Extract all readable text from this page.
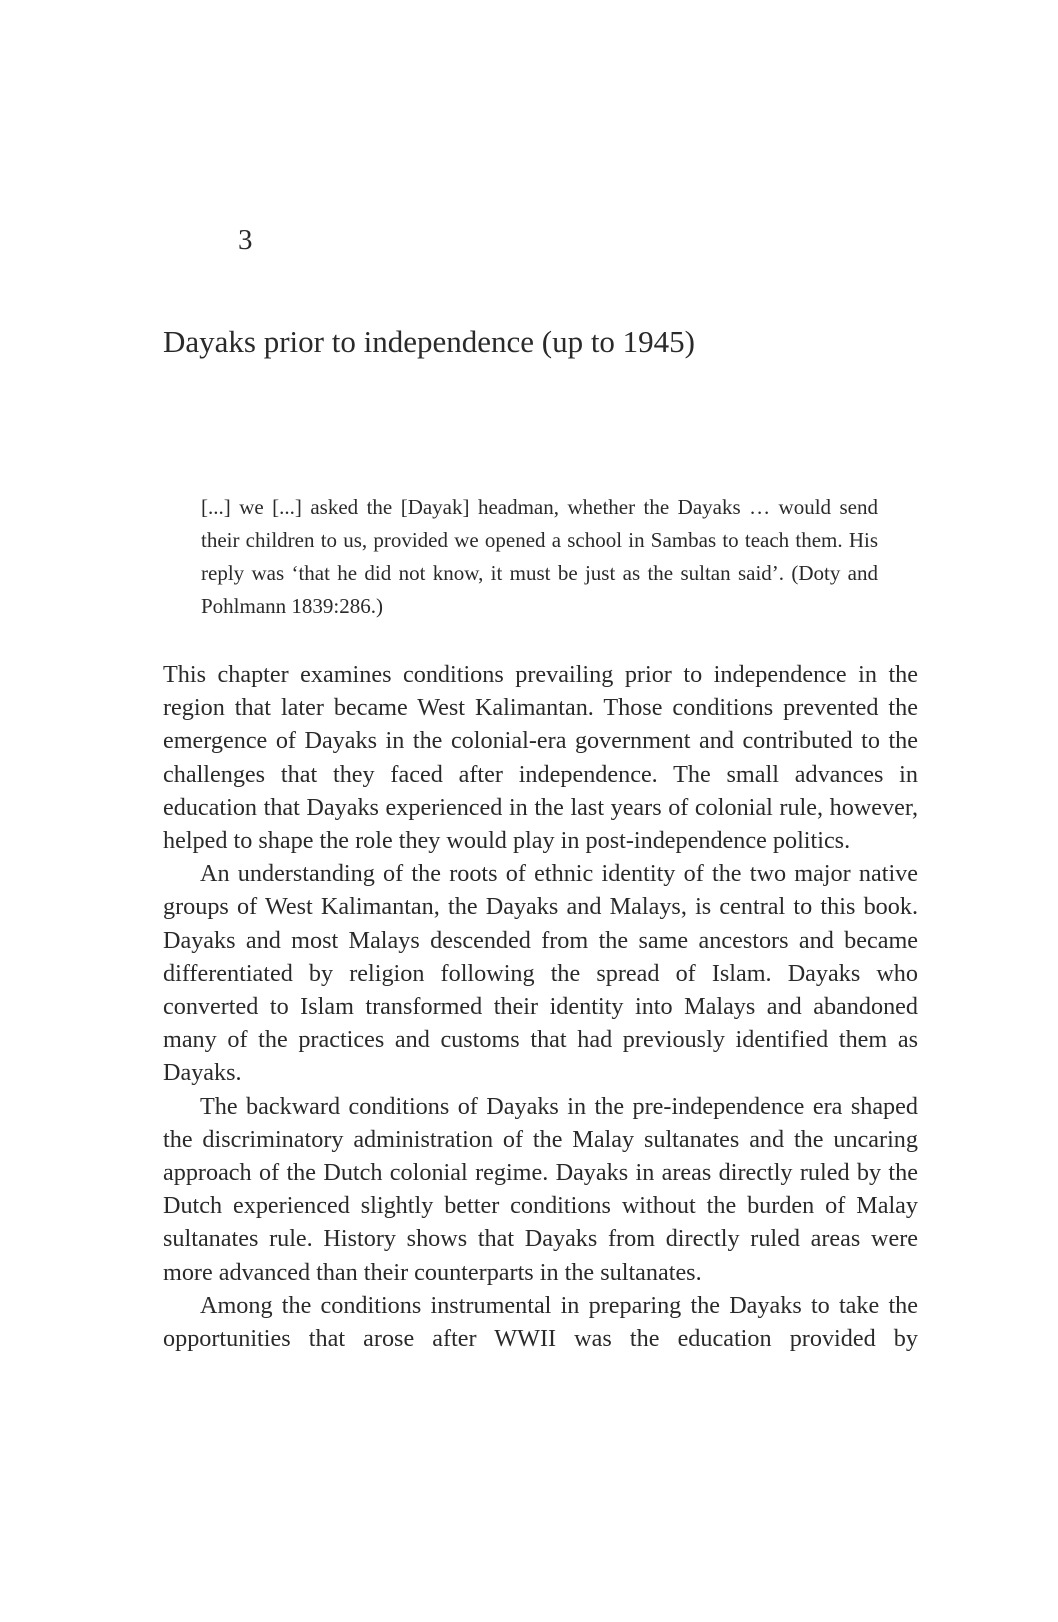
3
Dayaks prior to independence (up to 1945)
[...] we [...] asked the [Dayak] headman, whether the Dayaks … would send their children to us, provided we opened a school in Sambas to teach them. His reply was ‘that he did not know, it must be just as the sultan said’. (Doty and Pohlmann 1839:286.)

This chapter examines conditions prevailing prior to independence in the region that later became West Kalimantan. Those conditions prevented the emergence of Dayaks in the colonial-era government and contributed to the challenges that they faced after independence. The small advances in education that Dayaks experienced in the last years of colonial rule, however, helped to shape the role they would play in post-​independence politics.

An understanding of the roots of ethnic identity of the two major native groups of West Kalimantan, the Dayaks and Malays, is central to this book. Dayaks and most Malays descended from the same ancestors and became differentiated by religion following the spread of Islam. Dayaks who converted to Islam transformed their identity into Malays and abandoned many of the practices and customs that had previously identified them as Dayaks.

The backward conditions of Dayaks in the pre-independence era shaped the discriminatory administration of the Malay sultanates and the uncaring approach of the Dutch colonial regime. Dayaks in areas directly ruled by the Dutch experienced slightly better conditions without the burden of Malay sultanates rule. History shows that Dayaks from directly ruled areas were more advanced than their counterparts in the sultanates.

Among the conditions instrumental in preparing the Dayaks to take the opportunities that arose after WWII was the education provided by
